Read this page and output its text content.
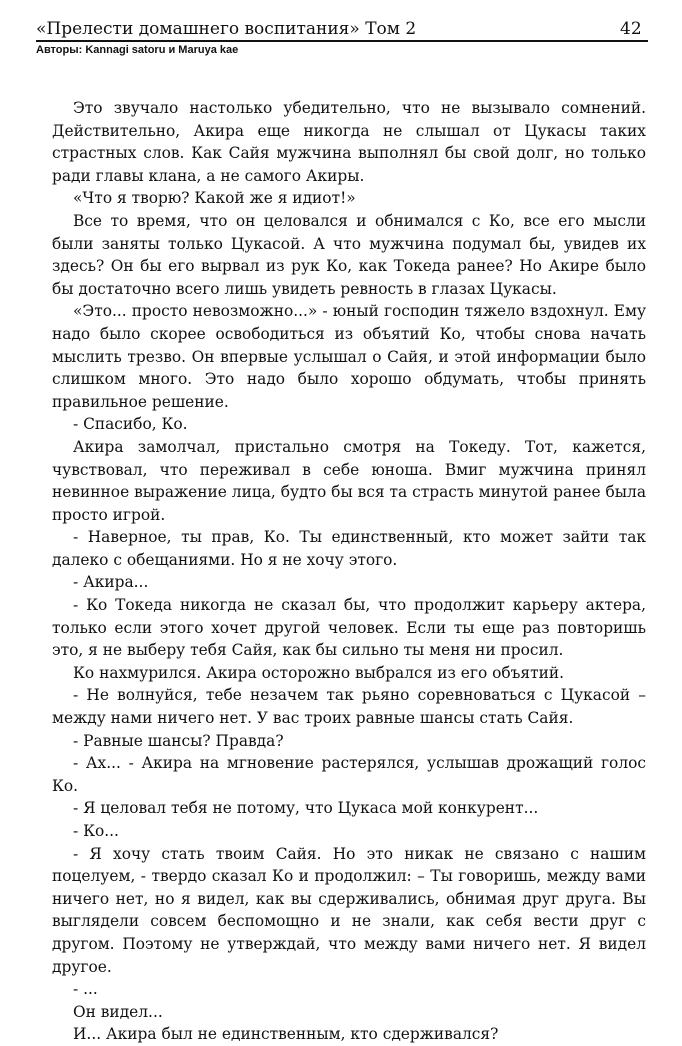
«Прелести домашнего воспитания» Том 2
Авторы: Kannagi satoru и Maruya kae
42

Это звучало настолько убедительно, что не вызывало сомнений. Действительно, Акира еще никогда не слышал от Цукасы таких страстных слов. Как Сайя мужчина выполнял бы свой долг, но только ради главы клана, а не самого Акиры.

«Что я творю? Какой же я идиот!»

Все то время, что он целовался и обнимался с Ко, все его мысли были заняты только Цукасой. А что мужчина подумал бы, увидев их здесь? Он бы его вырвал из рук Ко, как Токеда ранее? Но Акире было бы достаточно всего лишь увидеть ревность в глазах Цукасы.

«Это... просто невозможно...» - юный господин тяжело вздохнул. Ему надо было скорее освободиться из объятий Ко, чтобы снова начать мыслить трезво. Он впервые услышал о Сайя, и этой информации было слишком много. Это надо было хорошо обдумать, чтобы принять правильное решение.

- Спасибо, Ко.

Акира замолчал, пристально смотря на Токеду. Тот, кажется, чувствовал, что переживал в себе юноша. Вмиг мужчина принял невинное выражение лица, будто бы вся та страсть минутой ранее была просто игрой.

- Наверное, ты прав, Ко. Ты единственный, кто может зайти так далеко с обещаниями. Но я не хочу этого.

- Акира...

- Ко Токеда никогда не сказал бы, что продолжит карьеру актера, только если этого хочет другой человек. Если ты еще раз повторишь это, я не выберу тебя Сайя, как бы сильно ты меня ни просил.

Ко нахмурился. Акира осторожно выбрался из его объятий.

- Не волнуйся, тебе незачем так рьяно соревноваться с Цукасой – между нами ничего нет. У вас троих равные шансы стать Сайя.

- Равные шансы? Правда?

- Ах... - Акира на мгновение растерялся, услышав дрожащий голос Ко.

- Я целовал тебя не потому, что Цукаса мой конкурент...

- Ко...

- Я хочу стать твоим Сайя. Но это никак не связано с нашим поцелуем, - твердо сказал Ко и продолжил: – Ты говоришь, между вами ничего нет, но я видел, как вы сдерживались, обнимая друг друга. Вы выглядели совсем беспомощно и не знали, как себя вести друг с другом. Поэтому не утверждай, что между вами ничего нет. Я видел другое.

- ...

Он видел...

И... Акира был не единственным, кто сдерживался?
